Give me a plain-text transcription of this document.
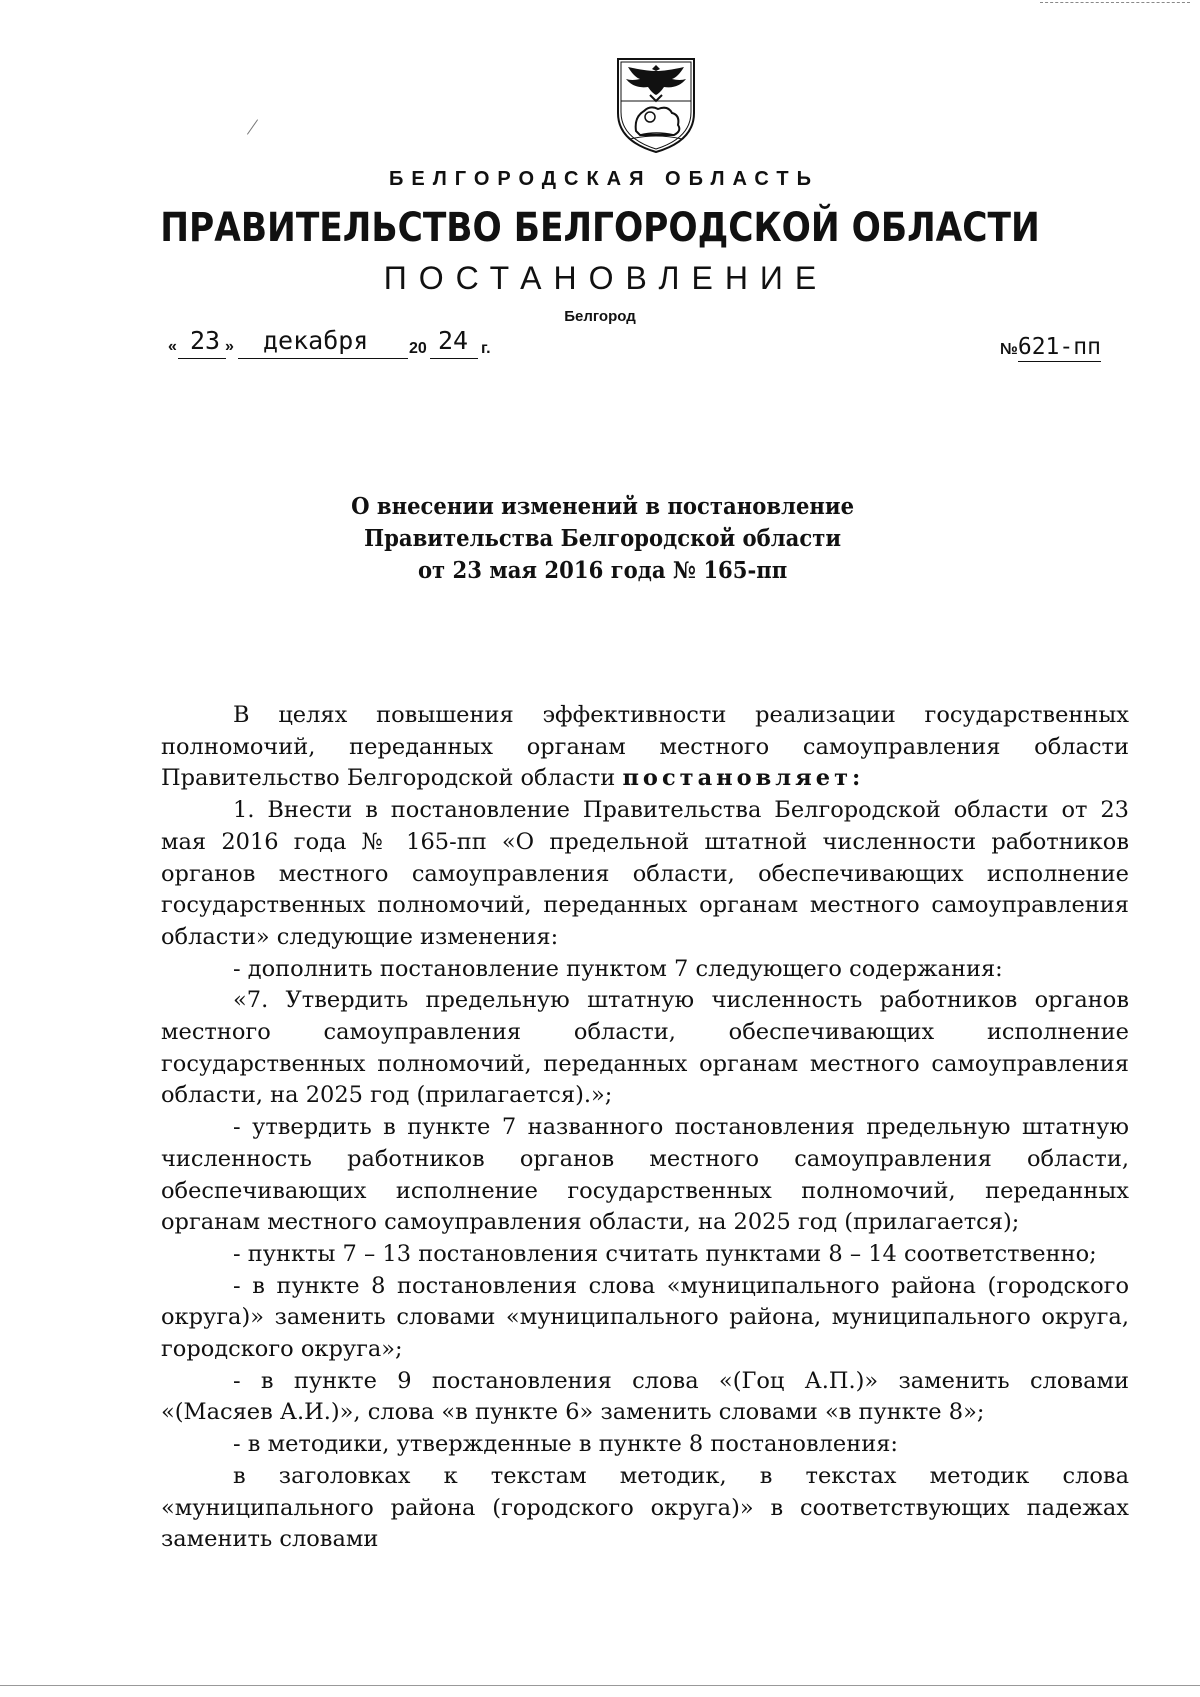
БЕЛГОРОДСКАЯ ОБЛАСТЬ
ПРАВИТЕЛЬСТВО БЕЛГОРОДСКОЙ ОБЛАСТИ
ПОСТАНОВЛЕНИЕ
Белгород
« 23 » декабря	20 24 г.	№621-пп
О внесении изменений в постановление
Правительства Белгородской области
от 23 мая 2016 года № 165-пп

В целях повышения эффективности реализации государственных полномочий, переданных органам местного самоуправления области Правительство Белгородской области постановляет:

1. Внести в постановление Правительства Белгородской области от 23 мая 2016 года № 165-пп «О предельной штатной численности работников органов местного самоуправления области, обеспечивающих исполнение государственных полномочий, переданных органам местного самоуправления области» следующие изменения:

- дополнить постановление пунктом 7 следующего содержания:

«7. Утвердить предельную штатную численность работников органов местного самоуправления области, обеспечивающих исполнение государственных полномочий, переданных органам местного самоуправления области, на 2025 год (прилагается).»;

- утвердить в пункте 7 названного постановления предельную штатную численность работников органов местного самоуправления области, обеспечивающих исполнение государственных полномочий, переданных органам местного самоуправления области, на 2025 год (прилагается);

- пункты 7 – 13 постановления считать пунктами 8 – 14 соответственно;

- в пункте 8 постановления слова «муниципального района (городского округа)» заменить словами «муниципального района, муниципального округа, городского округа»;

- в пункте 9 постановления слова «(Гоц А.П.)» заменить словами «(Масяев А.И.)», слова «в пункте 6» заменить словами «в пункте 8»;

- в методики, утвержденные в пункте 8 постановления:

в заголовках к текстам методик, в текстах методик слова «муниципального района (городского округа)» в соответствующих падежах заменить словами
